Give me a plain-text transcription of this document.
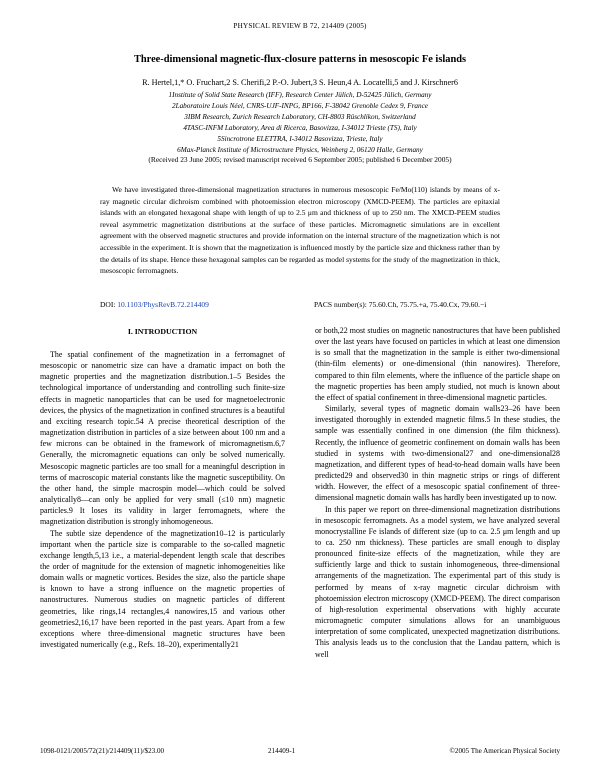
PHYSICAL REVIEW B 72, 214409 (2005)
Three-dimensional magnetic-flux-closure patterns in mesoscopic Fe islands
R. Hertel,1,* O. Fruchart,2 S. Cherifi,2 P.-O. Jubert,3 S. Heun,4 A. Locatelli,5 and J. Kirschner6
1Institute of Solid State Research (IFF), Research Center Jülich, D-52425 Jülich, Germany
2Laboratoire Louis Néel, CNRS-UJF-INPG, BP166, F-38042 Grenoble Cedex 9, France
3IBM Research, Zurich Research Laboratory, CH-8803 Rüschlikon, Switzerland
4TASC-INFM Laboratory, Area di Ricerca, Basovizza, I-34012 Trieste (TS), Italy
5Sincrotrone ELETTRA, I-34012 Basovizza, Trieste, Italy
6Max-Planck Institute of Microstructure Physics, Weinberg 2, 06120 Halle, Germany
(Received 23 June 2005; revised manuscript received 6 September 2005; published 6 December 2005)
We have investigated three-dimensional magnetization structures in numerous mesoscopic Fe/Mo(110) islands by means of x-ray magnetic circular dichroism combined with photoemission electron microscopy (XMCD-PEEM). The particles are epitaxial islands with an elongated hexagonal shape with length of up to 2.5 μm and thickness of up to 250 nm. The XMCD-PEEM studies reveal asymmetric magnetization distributions at the surface of these particles. Micromagnetic simulations are in excellent agreement with the observed magnetic structures and provide information on the internal structure of the magnetization which is not accessible in the experiment. It is shown that the magnetization is influenced mostly by the particle size and thickness rather than by the details of its shape. Hence these hexagonal samples can be regarded as model systems for the study of the magnetization in thick, mesoscopic ferromagnets.
DOI: 10.1103/PhysRevB.72.214409	PACS number(s): 75.60.Ch, 75.75.+a, 75.40.Cx, 79.60.−i
I. INTRODUCTION

The spatial confinement of the magnetization in a ferromagnet of mesoscopic or nanometric size can have a dramatic impact on both the magnetic properties and the magnetization distribution.1–5 Besides the technological importance of understanding and controlling such finite-size effects in magnetic nanoparticles that can be used for magnetoelectronic devices, the physics of the magnetization in confined structures is a beautiful and exciting research topic.54 A precise theoretical description of the magnetization distribution in particles of a size between about 100 nm and a few microns can be obtained in the framework of micromagnetism.6,7 Generally, the micromagnetic equations can only be solved numerically. Mesoscopic magnetic particles are too small for a meaningful description in terms of macroscopic material constants like the magnetic susceptibility. On the other hand, the simple macrospin model—which could be solved analytically8—can only be applied for very small (≤10 nm) magnetic particles.9 It loses its validity in larger ferromagnets, where the magnetization distribution is strongly inhomogeneous.

The subtle size dependence of the magnetization10–12 is particularly important when the particle size is comparable to the so-called magnetic exchange length,5,13 i.e., a material-dependent length scale that describes the order of magnitude for the extension of magnetic inhomogeneities like domain walls or magnetic vortices. Besides the size, also the particle shape is known to have a strong influence on the magnetic properties of nanostructures. Numerous studies on magnetic particles of different geometries, like rings,14 rectangles,4 nanowires,15 and various other geometries2,16,17 have been reported in the past years. Apart from a few exceptions where three-dimensional magnetic structures have been investigated numerically (e.g., Refs. 18–20), experimentally21

or both,22 most studies on magnetic nanostructures that have been published over the last years have focused on particles in which at least one dimension is so small that the magnetization in the sample is either two-dimensional (thin-film elements) or one-dimensional (thin nanowires). Therefore, compared to thin film elements, where the influence of the particle shape on the magnetic properties has been amply studied, not much is known about the effect of spatial confinement in three-dimensional magnetic particles.

Similarly, several types of magnetic domain walls23–26 have been investigated thoroughly in extended magnetic films.5 In these studies, the sample was essentially confined in one dimension (the film thickness). Recently, the influence of geometric confinement on domain walls has been studied in systems with two-dimensional27 and one-dimensional28 magnetization, and different types of head-to-head domain walls have been predicted29 and observed30 in thin magnetic strips or rings of different width. However, the effect of a mesoscopic spatial confinement of three-dimensional magnetic domain walls has hardly been investigated up to now.

In this paper we report on three-dimensional magnetization distributions in mesoscopic ferromagnets. As a model system, we have analyzed several monocrystalline Fe islands of different size (up to ca. 2.5 μm length and up to ca. 250 nm thickness). These particles are small enough to display pronounced finite-size effects of the magnetization, while they are sufficiently large and thick to sustain inhomogeneous, three-dimensional arrangements of the magnetization. The experimental part of this study is performed by means of x-ray magnetic circular dichroism with photoemission electron microscopy (XMCD-PEEM). The direct comparison of high-resolution experimental observations with highly accurate micromagnetic computer simulations allows for an unambiguous interpretation of some complicated, unexpected magnetization distributions. This analysis leads us to the conclusion that the Landau pattern, which is well

1098-0121/2005/72(21)/214409(11)/$23.00	214409-1	©2005 The American Physical Society
